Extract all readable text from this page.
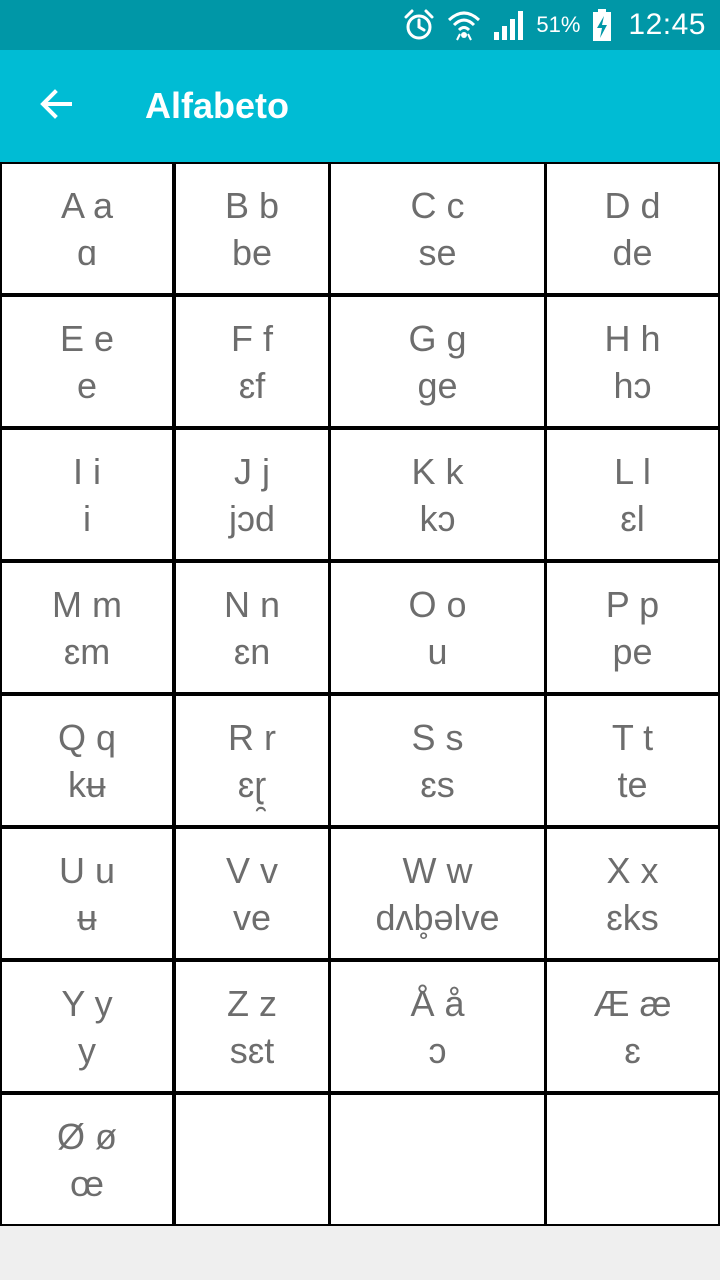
51% 12:45
Alfabeto
A a
ɑ
B b
be
C c
se
D d
de
E e
e
F f
ɛf
G g
ge
H h
hɔ
I i
i
J j
jɔd
K k
kɔ
L l
ɛl
M m
ɛm
N n
ɛn
O o
u
P p
pe
Q q
kʉ
R r
ɛɽ̯
S s
ɛs
T t
te
U u
ʉ
V v
ve
W w
dʌb̥əlve
X x
ɛks
Y y
y
Z z
sɛt
Å å
ɔ
Æ æ
ɛ
Ø ø
œ
